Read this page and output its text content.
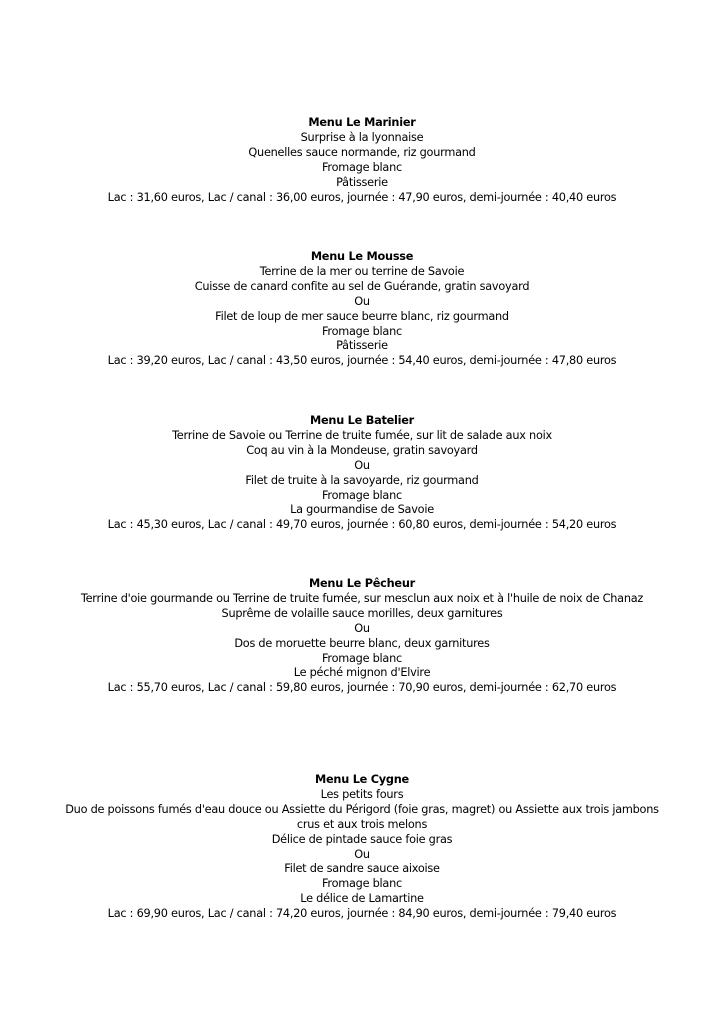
Menu Le Marinier
Surprise à la lyonnaise
Quenelles sauce normande, riz gourmand
Fromage blanc
Pâtisserie
Lac : 31,60 euros, Lac / canal : 36,00 euros, journée : 47,90 euros, demi-journée : 40,40 euros
Menu Le Mousse
Terrine de la mer ou terrine de Savoie
Cuisse de canard confite au sel de Guérande, gratin savoyard
Ou
Filet de loup de mer sauce beurre blanc, riz gourmand
Fromage blanc
Pâtisserie
Lac : 39,20 euros, Lac / canal : 43,50 euros, journée : 54,40 euros, demi-journée : 47,80 euros
Menu Le Batelier
Terrine de Savoie ou Terrine de truite fumée, sur lit de salade aux noix
Coq au vin à la Mondeuse, gratin savoyard
Ou
Filet de truite à la savoyarde, riz gourmand
Fromage blanc
La gourmandise de Savoie
Lac : 45,30 euros, Lac / canal : 49,70 euros, journée : 60,80 euros, demi-journée : 54,20 euros
Menu Le Pêcheur
Terrine d'oie gourmande ou Terrine de truite fumée, sur mesclun aux noix et à l'huile de noix de Chanaz
Suprême de volaille sauce morilles, deux garnitures
Ou
Dos de moruette beurre blanc, deux garnitures
Fromage blanc
Le péché mignon d'Elvire
Lac : 55,70 euros, Lac / canal : 59,80 euros, journée : 70,90 euros, demi-journée : 62,70 euros
Menu Le Cygne
Les petits fours
Duo de poissons fumés d'eau douce ou Assiette du Périgord (foie gras, magret) ou Assiette aux trois jambons crus et aux trois melons
Délice de pintade sauce foie gras
Ou
Filet de sandre sauce aixoise
Fromage blanc
Le délice de Lamartine
Lac : 69,90 euros, Lac / canal : 74,20 euros, journée : 84,90 euros, demi-journée : 79,40 euros
